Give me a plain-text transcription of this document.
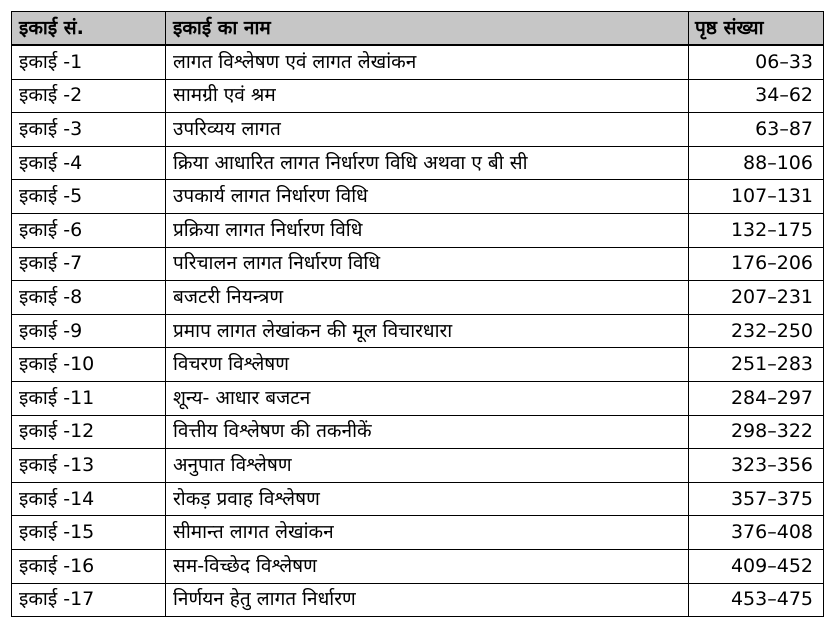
इकाई सं.	इकाई का नाम	पृष्ठ संख्या
इकाई -1	लागत विश्लेषण एवं लागत लेखांकन	06–33
इकाई -2	सामग्री एवं श्रम	34–62
इकाई -3	उपरिव्यय लागत	63–87
इकाई -4	क्रिया आधारित लागत निर्धारण विधि अथवा ए बी सी	88–106
इकाई -5	उपकार्य लागत निर्धारण विधि	107–131
इकाई -6	प्रक्रिया लागत निर्धारण विधि	132–175
इकाई -7	परिचालन लागत निर्धारण विधि	176–206
इकाई -8	बजटरी नियन्त्रण	207–231
इकाई -9	प्रमाप लागत लेखांकन की मूल विचारधारा	232–250
इकाई -10	विचरण विश्लेषण	251–283
इकाई -11	शून्य- आधार बजटन	284–297
इकाई -12	वित्तीय विश्लेषण की तकनीकें	298–322
इकाई -13	अनुपात विश्लेषण	323–356
इकाई -14	रोकड़ प्रवाह विश्लेषण	357–375
इकाई -15	सीमान्त लागत लेखांकन	376–408
इकाई -16	सम-विच्छेद विश्लेषण	409–452
इकाई -17	निर्णयन हेतु लागत निर्धारण	453–475
